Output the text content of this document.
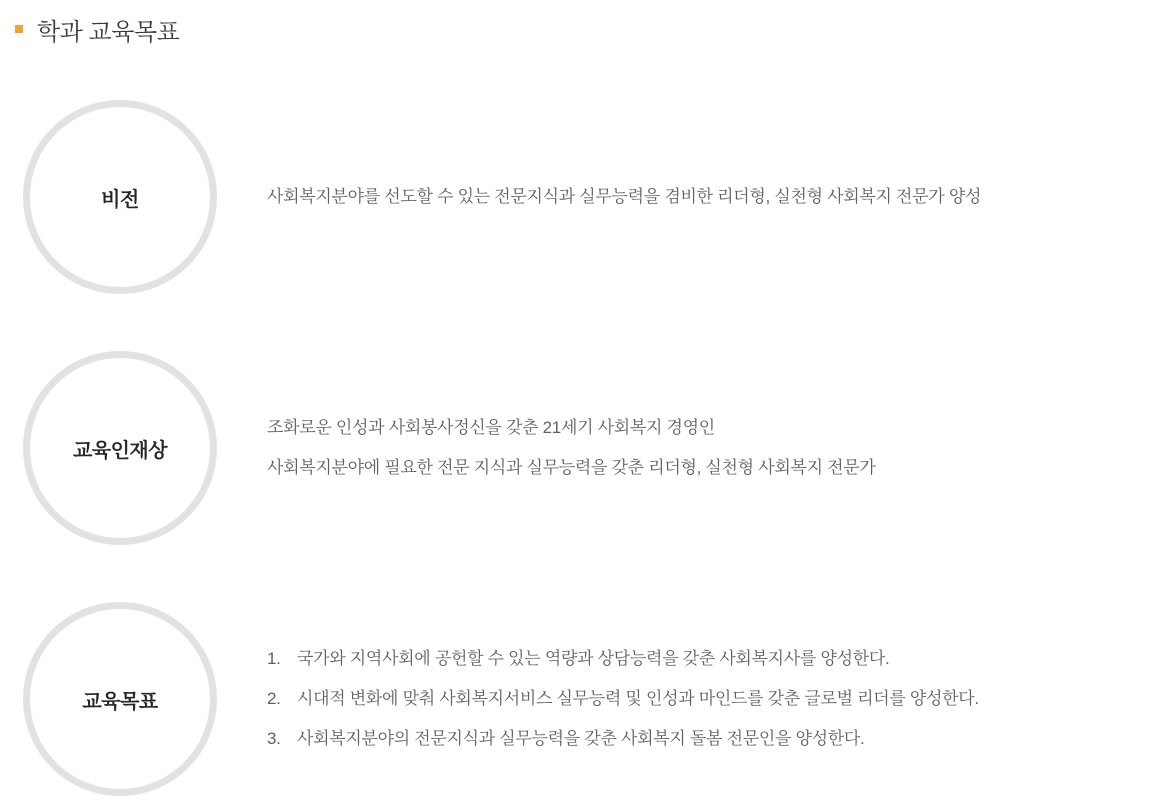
학과 교육목표
비전	사회복지분야를 선도할 수 있는 전문지식과 실무능력을 겸비한 리더형, 실천형 사회복지 전문가 양성
교육인재상
조화로운 인성과 사회봉사정신을 갖춘 21세기 사회복지 경영인
사회복지분야에 필요한 전문 지식과 실무능력을 갖춘 리더형, 실천형 사회복지 전문가
교육목표
1. 국가와 지역사회에 공헌할 수 있는 역량과 상담능력을 갖춘 사회복지사를 양성한다.
2. 시대적 변화에 맞춰 사회복지서비스 실무능력 및 인성과 마인드를 갖춘 글로벌 리더를 양성한다.
3. 사회복지분야의 전문지식과 실무능력을 갖춘 사회복지 돌봄 전문인을 양성한다.
